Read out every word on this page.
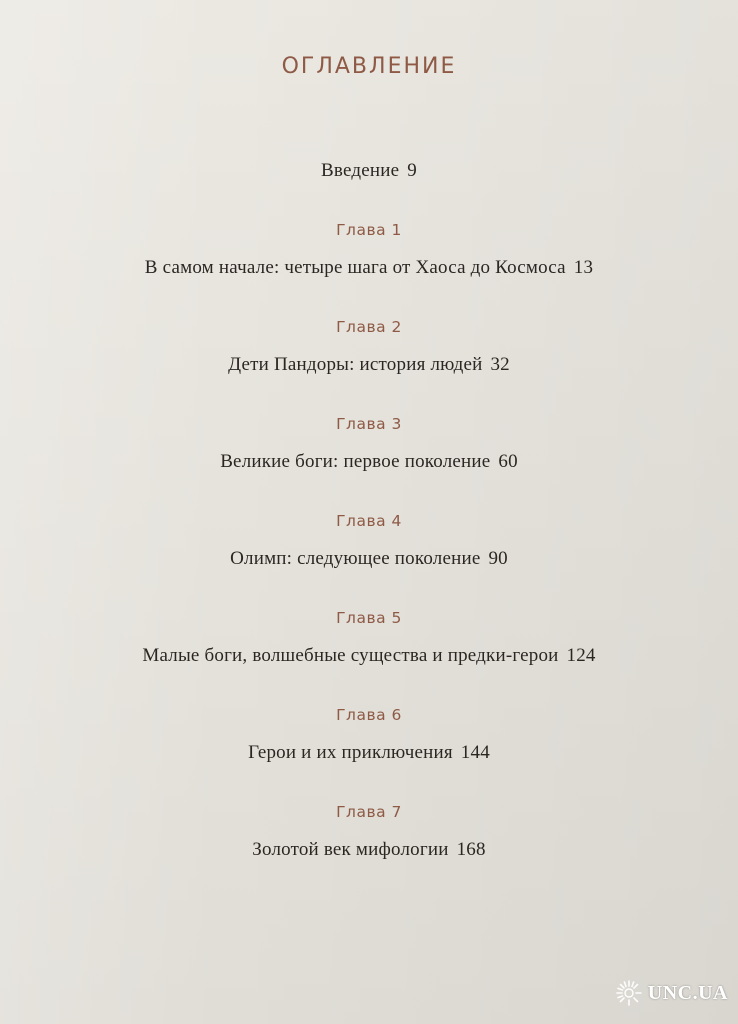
ОГЛАВЛЕНИЕ
Введение 9
Глава 1
В самом начале: четыре шага от Хаоса до Космоса 13
Глава 2
Дети Пандоры: история людей 32
Глава 3
Великие боги: первое поколение 60
Глава 4
Олимп: следующее поколение 90
Глава 5
Малые боги, волшебные существа и предки-герои 124
Глава 6
Герои и их приключения 144
Глава 7
Золотой век мифологии 168
UNC.UA
